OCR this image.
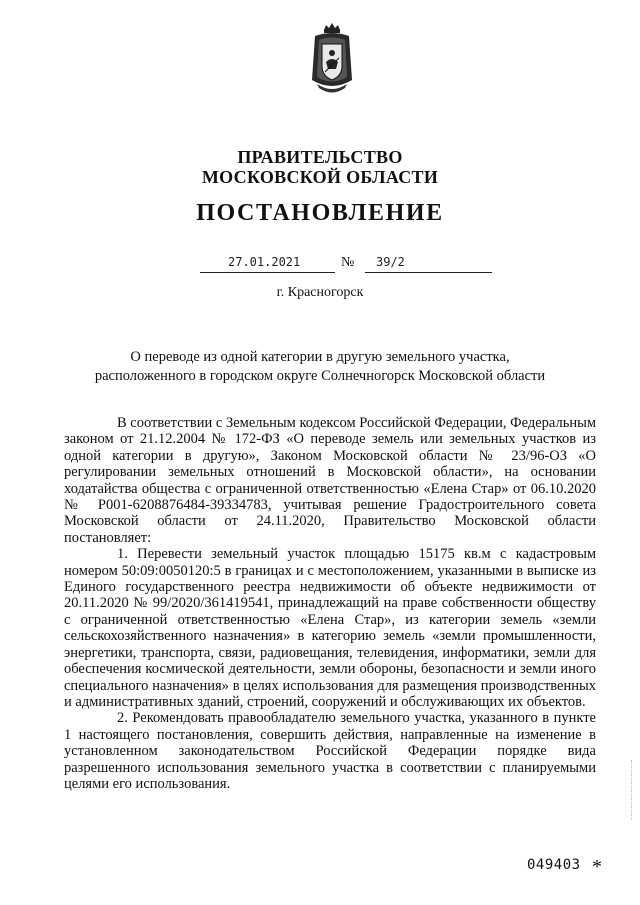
ПРАВИТЕЛЬСТВО
МОСКОВСКОЙ ОБЛАСТИ
ПОСТАНОВЛЕНИЕ
27.01.2021	№ 39/2
г. Красногорск
О переводе из одной категории в другую земельного участка,
расположенного в городском округе Солнечногорск Московской области

В соответствии с Земельным кодексом Российской Федерации, Федеральным законом от 21.12.2004 № 172-ФЗ «О переводе земель или земельных участков из одной категории в другую», Законом Московской области № 23/96-ОЗ «О регулировании земельных отношений в Московской области», на основании ходатайства общества с ограниченной ответственностью «Елена Стар» от 06.10.2020 № Р001-6208876484-39334783, учитывая решение Градостроительного совета Московской области от 24.11.2020, Правительство Московской области постановляет:

1. Перевести земельный участок площадью 15175 кв.м с кадастровым номером 50:09:0050120:5 в границах и с местоположением, указанными в выписке из Единого государственного реестра недвижимости об объекте недвижимости от 20.11.2020 № 99/2020/361419541, принадлежащий на праве собственности обществу с ограниченной ответственностью «Елена Стар», из категории земель «земли сельскохозяйственного назначения» в категорию земель «земли промышленности, энергетики, транспорта, связи, радиовещания, телевидения, информатики, земли для обеспечения космической деятельности, земли обороны, безопасности и земли иного специального назначения» в целях использования для размещения производственных и административных зданий, строений, сооружений и обслуживающих их объектов.

2. Рекомендовать правообладателю земельного участка, указанного в пункте 1 настоящего постановления, совершить действия, направленные на изменение в установленном законодательством Российской Федерации порядке вида разрешенного использования земельного участка в соответствии с планируемыми целями его использования.

049403 *
